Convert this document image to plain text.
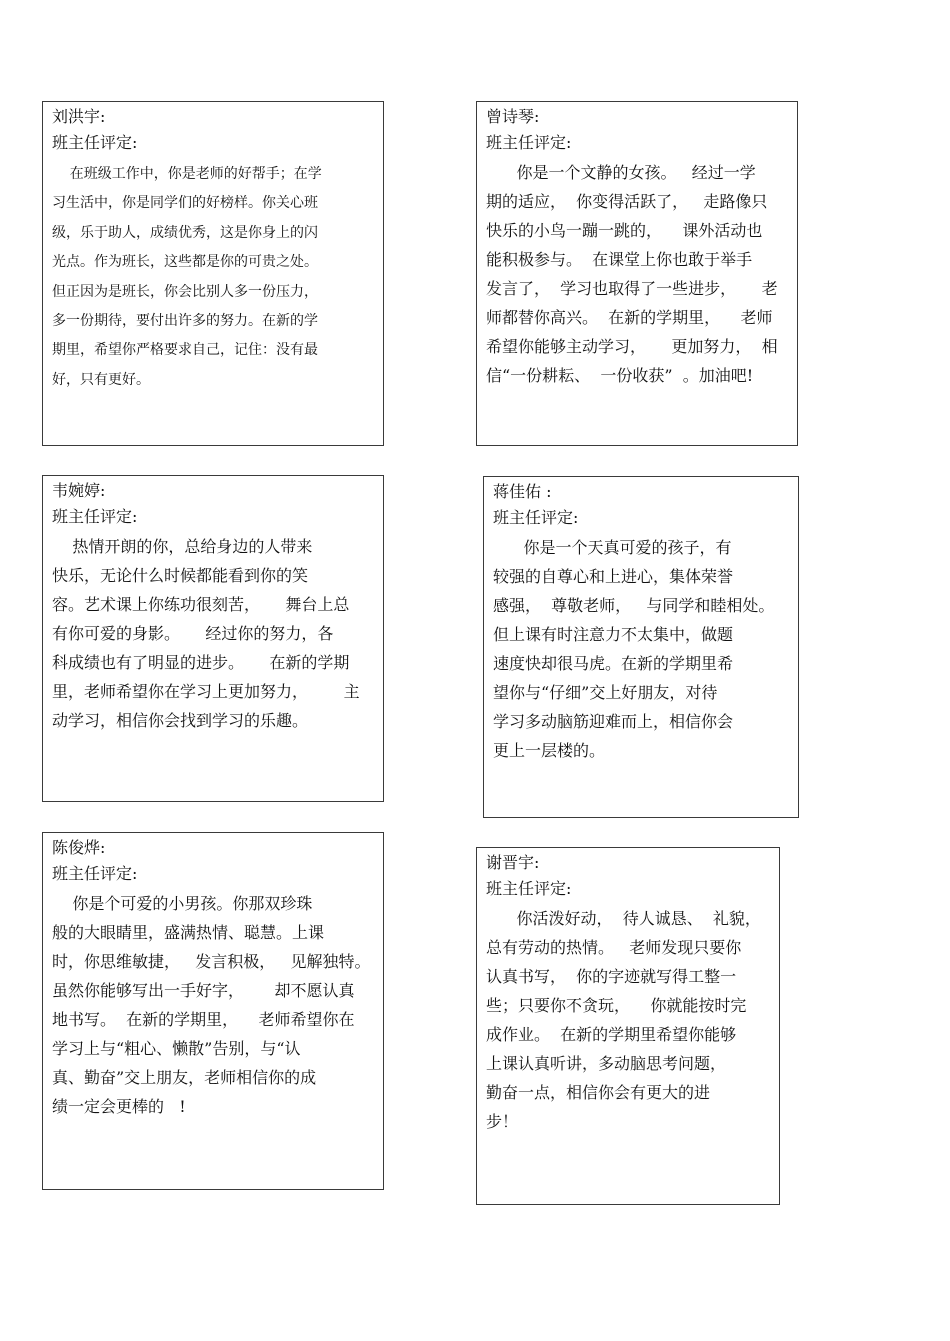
刘洪宇:
班主任评定:
在班级工作中，你是老师的好帮手；在学
习生活中，你是同学们的好榜样。你关心班
级，乐于助人，成绩优秀，这是你身上的闪
光点。作为班长，这些都是你的可贵之处。
但正因为是班长，你会比别人多一份压力，
多一份期待，要付出许多的努力。在新的学
期里，希望你严格要求自己，记住：没有最
好，只有更好。
曾诗琴:
班主任评定:
你是一个文静的女孩。   经过一学
期的适应，  你变得活跃了，   走路像只
快乐的小鸟一蹦一跳的，    课外活动也
能积极参与。  在课堂上你也敢于举手
发言了，  学习也取得了一些进步，     老
师都替你高兴。  在新的学期里，    老师
希望你能够主动学习，     更加努力，  相
信“一份耕耘、  一份收获”  。加油吧!
韦婉婷:
班主任评定:
热情开朗的你，总给身边的人带来
快乐，无论什么时候都能看到你的笑
容。艺术课上你练功很刻苦，     舞台上总
有你可爱的身影。     经过你的努力，各
科成绩也有了明显的进步。     在新的学期
里，老师希望你在学习上更加努力，       主
动学习，相信你会找到学习的乐趣。
蒋佳佑 :
班主任评定:
你是一个天真可爱的孩子，有
较强的自尊心和上进心，集体荣誉
感强，  尊敬老师，   与同学和睦相处。
但上课有时注意力不太集中，做题
速度快却很马虎。在新的学期里希
望你与“仔细”交上好朋友，对待
学习多动脑筋迎难而上，相信你会
更上一层楼的。
陈俊烨:
班主任评定:
你是个可爱的小男孩。你那双珍珠
般的大眼睛里，盛满热情、聪慧。上课
时，你思维敏捷，   发言积极，   见解独特。
虽然你能够写出一手好字，      却不愿认真
地书写。  在新的学期里，    老师希望你在
学习上与“粗心、懒散”告别，与“认
真、勤奋”交上朋友，老师相信你的成
绩一定会更棒的   !
谢晋宇:
班主任评定:
你活泼好动，  待人诚恳、  礼貌，
总有劳动的热情。   老师发现只要你
认真书写，  你的字迹就写得工整一
些；只要你不贪玩，    你就能按时完
成作业。  在新的学期里希望你能够
上课认真听讲，多动脑思考问题，
勤奋一点，相信你会有更大的进
步！
